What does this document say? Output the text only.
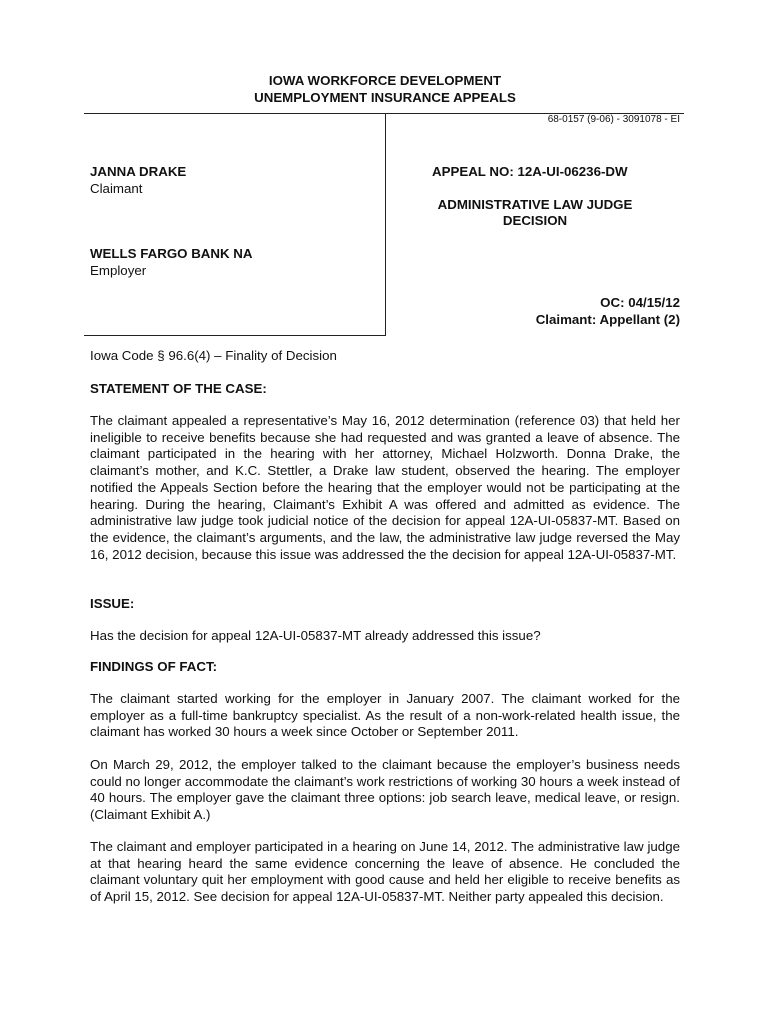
IOWA WORKFORCE DEVELOPMENT
UNEMPLOYMENT INSURANCE APPEALS
68-0157 (9-06) - 3091078 - EI
JANNA DRAKE
Claimant
WELLS FARGO BANK NA
Employer
APPEAL NO: 12A-UI-06236-DW
ADMINISTRATIVE LAW JUDGE
DECISION
OC: 04/15/12
Claimant: Appellant (2)
Iowa Code § 96.6(4) – Finality of Decision
STATEMENT OF THE CASE:
The claimant appealed a representative’s May 16, 2012 determination (reference 03) that held her ineligible to receive benefits because she had requested and was granted a leave of absence. The claimant participated in the hearing with her attorney, Michael Holzworth. Donna Drake, the claimant’s mother, and K.C. Stettler, a Drake law student, observed the hearing. The employer notified the Appeals Section before the hearing that the employer would not be participating at the hearing. During the hearing, Claimant’s Exhibit A was offered and admitted as evidence. The administrative law judge took judicial notice of the decision for appeal 12A-UI-05837-MT. Based on the evidence, the claimant’s arguments, and the law, the administrative law judge reversed the May 16, 2012 decision, because this issue was addressed the the decision for appeal 12A-UI-05837-MT.
ISSUE:
Has the decision for appeal 12A-UI-05837-MT already addressed this issue?
FINDINGS OF FACT:
The claimant started working for the employer in January 2007. The claimant worked for the employer as a full-time bankruptcy specialist. As the result of a non-work-related health issue, the claimant has worked 30 hours a week since October or September 2011.
On March 29, 2012, the employer talked to the claimant because the employer’s business needs could no longer accommodate the claimant’s work restrictions of working 30 hours a week instead of 40 hours. The employer gave the claimant three options: job search leave, medical leave, or resign. (Claimant Exhibit A.)
The claimant and employer participated in a hearing on June 14, 2012. The administrative law judge at that hearing heard the same evidence concerning the leave of absence. He concluded the claimant voluntary quit her employment with good cause and held her eligible to receive benefits as of April 15, 2012. See decision for appeal 12A-UI-05837-MT. Neither party appealed this decision.
